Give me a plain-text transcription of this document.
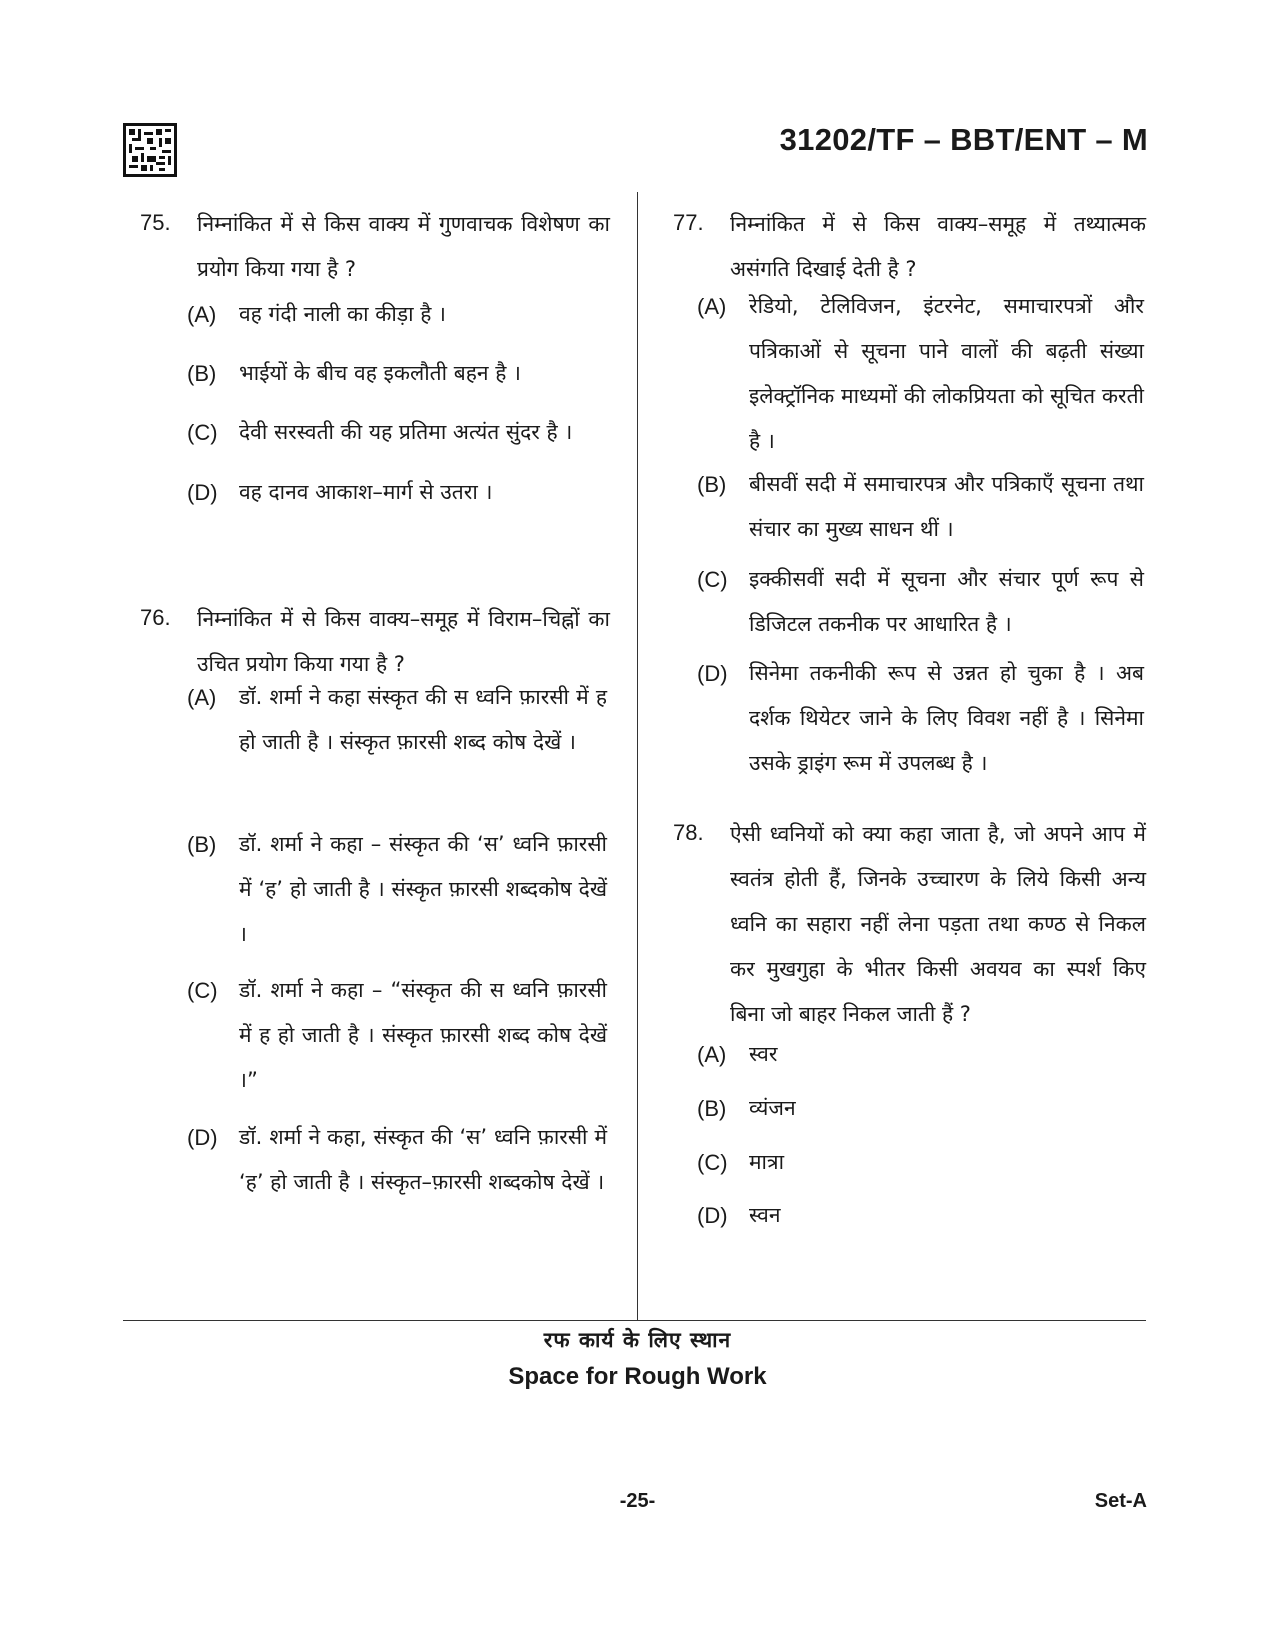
31202/TF – BBT/ENT – M
75.	निम्नांकित में से किस वाक्य में गुणवाचक विशेषण का प्रयोग किया गया है ?
(A)	वह गंदी नाली का कीड़ा है ।
(B)	भाईयों के बीच वह इकलौती बहन है ।
(C)	देवी सरस्वती की यह प्रतिमा अत्यंत सुंदर है ।
(D)	वह दानव आकाश–मार्ग से उतरा ।
76.	निम्नांकित में से किस वाक्य–समूह में विराम–चिह्नों का उचित प्रयोग किया गया है ?
(A)	डॉ. शर्मा ने कहा संस्कृत की स ध्वनि फ़ारसी में ह हो जाती है । संस्कृत फ़ारसी शब्द कोष देखें ।
(B)	डॉ. शर्मा ने कहा – संस्कृत की ‘स’ ध्वनि फ़ारसी में ‘ह’ हो जाती है । संस्कृत फ़ारसी शब्दकोष देखें ।
(C)	डॉ. शर्मा ने कहा – “संस्कृत की स ध्वनि फ़ारसी में ह हो जाती है । संस्कृत फ़ारसी शब्द कोष देखें ।”
(D)	डॉ. शर्मा ने कहा, संस्कृत की ‘स’ ध्वनि फ़ारसी में ‘ह’ हो जाती है । संस्कृत–फ़ारसी शब्दकोष देखें ।
77.	निम्नांकित में से किस वाक्य–समूह में तथ्यात्मक असंगति दिखाई देती है ?
(A)	रेडियो, टेलिविजन, इंटरनेट, समाचारपत्रों और पत्रिकाओं से सूचना पाने वालों की बढ़ती संख्या इलेक्ट्रॉनिक माध्यमों की लोकप्रियता को सूचित करती है ।
(B)	बीसवीं सदी में समाचारपत्र और पत्रिकाएँ सूचना तथा संचार का मुख्य साधन थीं ।
(C)	इक्कीसवीं सदी में सूचना और संचार पूर्ण रूप से डिजिटल तकनीक पर आधारित है ।
(D)	सिनेमा तकनीकी रूप से उन्नत हो चुका है । अब दर्शक थियेटर जाने के लिए विवश नहीं है । सिनेमा उसके ड्राइंग रूम में उपलब्ध है ।
78.	ऐसी ध्वनियों को क्या कहा जाता है, जो अपने आप में स्वतंत्र होती हैं, जिनके उच्चारण के लिये किसी अन्य ध्वनि का सहारा नहीं लेना पड़ता तथा कण्ठ से निकल कर मुखगुहा के भीतर किसी अवयव का स्पर्श किए बिना जो बाहर निकल जाती हैं ?
(A)	स्वर
(B)	व्यंजन
(C)	मात्रा
(D)	स्वन
रफ कार्य के लिए स्थान
Space for Rough Work
-25-	Set-A
